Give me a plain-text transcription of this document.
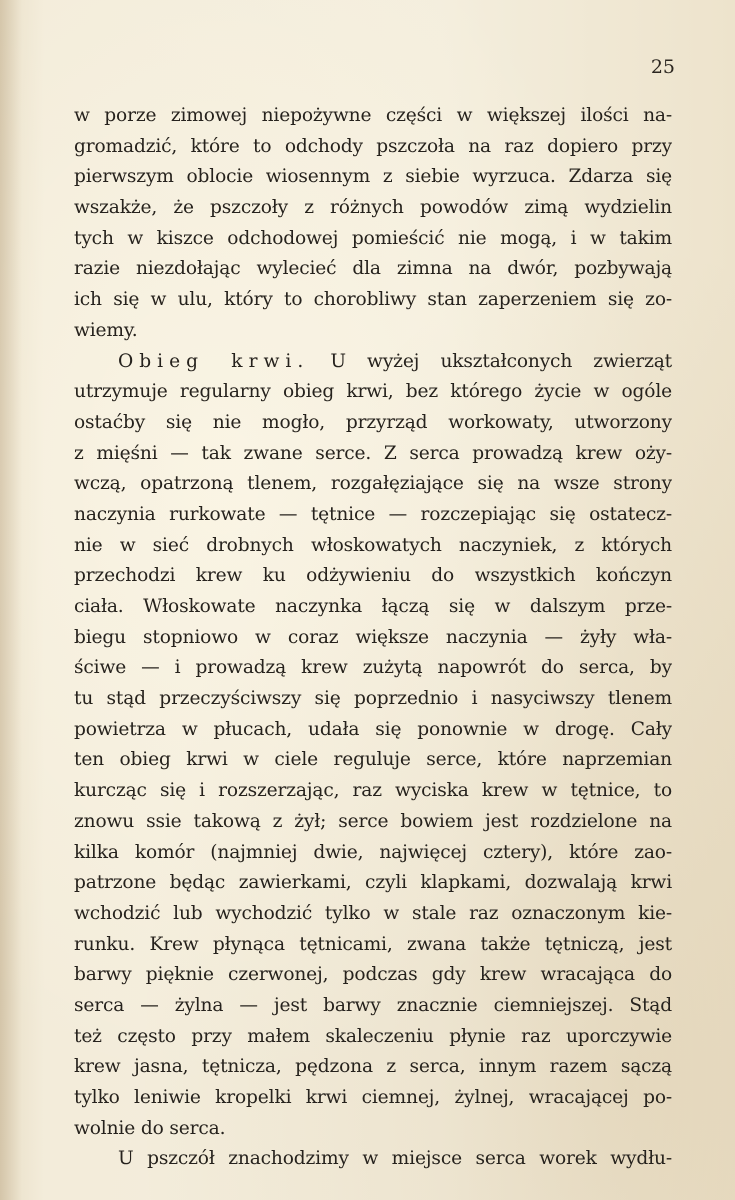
25
w porze zimowej niepożywne części w większej ilości na-
gromadzić, które to odchody pszczoła na raz dopiero przy
pierwszym oblocie wiosennym z siebie wyrzuca. Zdarza się
wszakże, że pszczoły z różnych powodów zimą wydzielin
tych w kiszce odchodowej pomieścić nie mogą, i w takim
razie niezdołając wylecieć dla zimna na dwór, pozbywają
ich się w ulu, który to chorobliwy stan zaperzeniem się zo-
wiemy.
Obieg krwi. U wyżej ukształconych zwierząt
utrzymuje regularny obieg krwi, bez którego życie w ogóle
ostaćby się nie mogło, przyrząd workowaty, utworzony
z mięśni — tak zwane serce. Z serca prowadzą krew oży-
wczą, opatrzoną tlenem, rozgałęziające się na wsze strony
naczynia rurkowate — tętnice — rozczepiając się ostatecz-
nie w sieć drobnych włoskowatych naczyniek, z których
przechodzi krew ku odżywieniu do wszystkich kończyn
ciała. Włoskowate naczynka łączą się w dalszym prze-
biegu stopniowo w coraz większe naczynia — żyły wła-
ściwe — i prowadzą krew zużytą napowrót do serca, by
tu stąd przeczyściwszy się poprzednio i nasyciwszy tlenem
powietrza w płucach, udała się ponownie w drogę. Cały
ten obieg krwi w ciele reguluje serce, które naprzemian
kurcząc się i rozszerzając, raz wyciska krew w tętnice, to
znowu ssie takową z żył; serce bowiem jest rozdzielone na
kilka komór (najmniej dwie, najwięcej cztery), które zao-
patrzone będąc zawierkami, czyli klapkami, dozwalają krwi
wchodzić lub wychodzić tylko w stale raz oznaczonym kie-
runku. Krew płynąca tętnicami, zwana także tętniczą, jest
barwy pięknie czerwonej, podczas gdy krew wracająca do
serca — żylna — jest barwy znacznie ciemniejszej. Stąd
też często przy małem skaleczeniu płynie raz uporczywie
krew jasna, tętnicza, pędzona z serca, innym razem sączą
tylko leniwie kropelki krwi ciemnej, żylnej, wracającej po-
wolnie do serca.
U pszczół znachodzimy w miejsce serca worek wydłu-
